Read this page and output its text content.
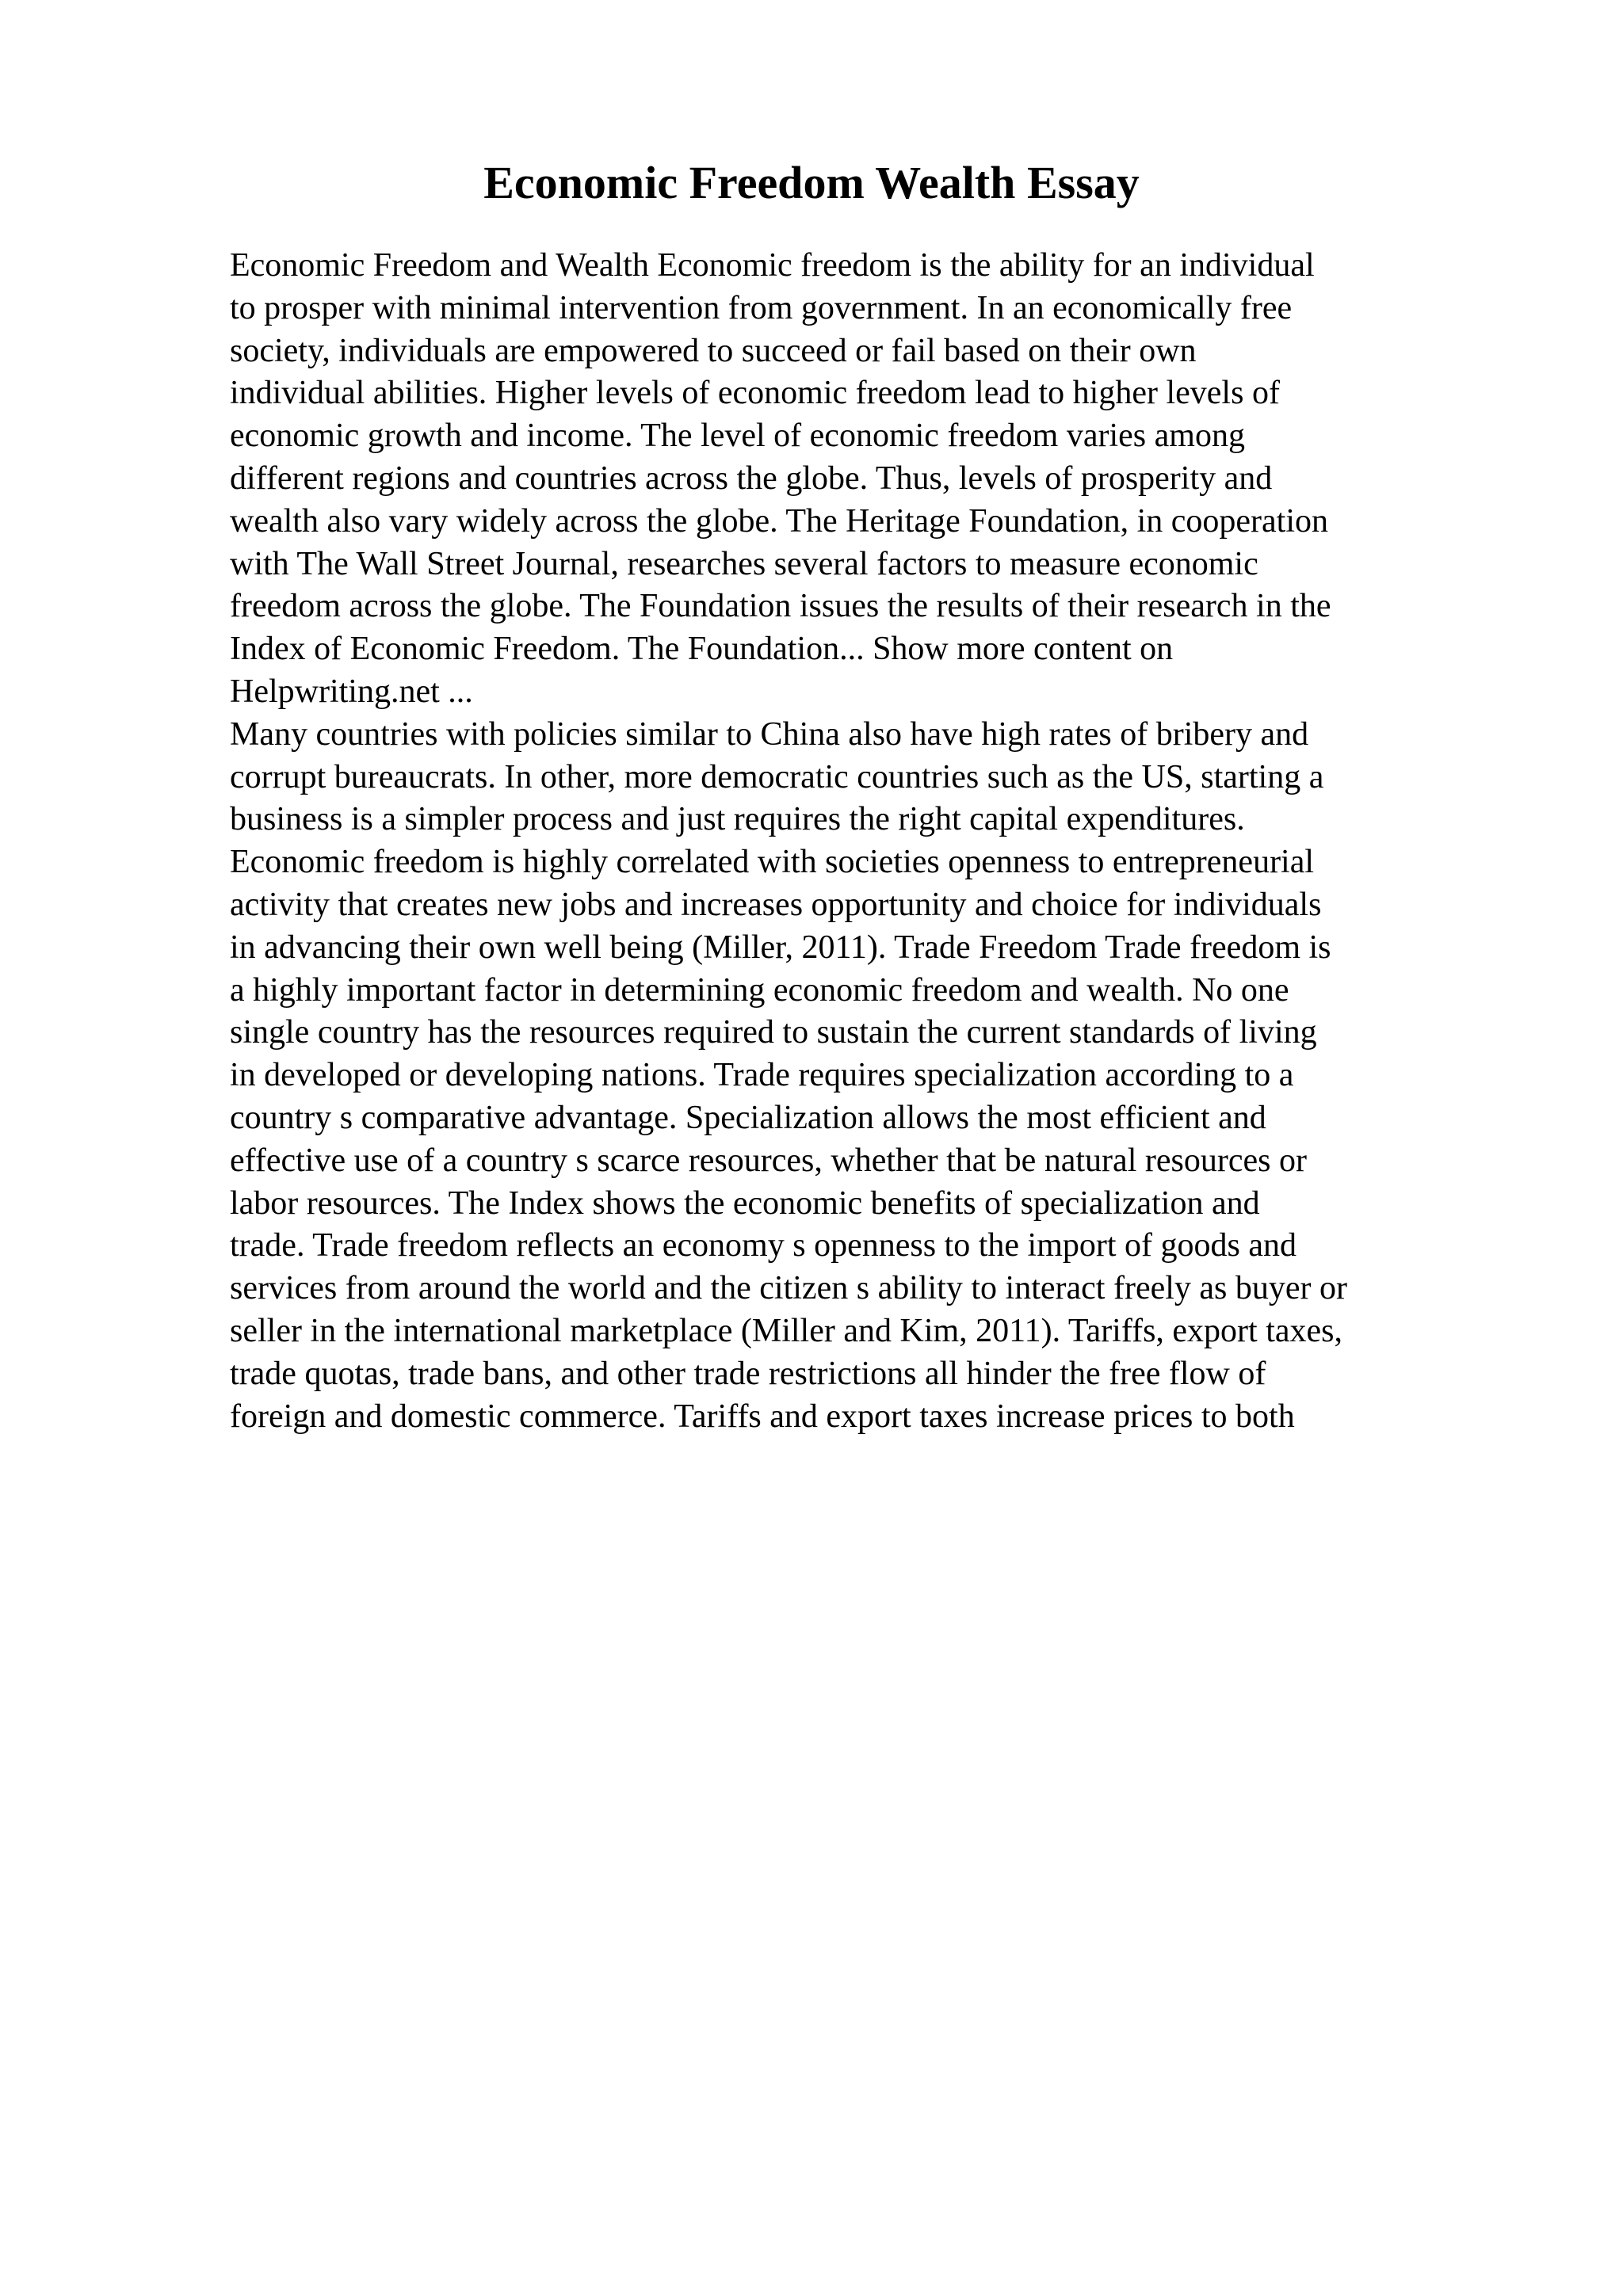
Economic Freedom Wealth Essay
Economic Freedom and Wealth Economic freedom is the ability for an individual
to prosper with minimal intervention from government. In an economically free
society, individuals are empowered to succeed or fail based on their own
individual abilities. Higher levels of economic freedom lead to higher levels of
economic growth and income. The level of economic freedom varies among
different regions and countries across the globe. Thus, levels of prosperity and
wealth also vary widely across the globe. The Heritage Foundation, in cooperation
with The Wall Street Journal, researches several factors to measure economic
freedom across the globe. The Foundation issues the results of their research in the
Index of Economic Freedom. The Foundation... Show more content on
Helpwriting.net ...
Many countries with policies similar to China also have high rates of bribery and
corrupt bureaucrats. In other, more democratic countries such as the US, starting a
business is a simpler process and just requires the right capital expenditures.
Economic freedom is highly correlated with societies openness to entrepreneurial
activity that creates new jobs and increases opportunity and choice for individuals
in advancing their own well being (Miller, 2011). Trade Freedom Trade freedom is
a highly important factor in determining economic freedom and wealth. No one
single country has the resources required to sustain the current standards of living
in developed or developing nations. Trade requires specialization according to a
country s comparative advantage. Specialization allows the most efficient and
effective use of a country s scarce resources, whether that be natural resources or
labor resources. The Index shows the economic benefits of specialization and
trade. Trade freedom reflects an economy s openness to the import of goods and
services from around the world and the citizen s ability to interact freely as buyer or
seller in the international marketplace (Miller and Kim, 2011). Tariffs, export taxes,
trade quotas, trade bans, and other trade restrictions all hinder the free flow of
foreign and domestic commerce. Tariffs and export taxes increase prices to both
